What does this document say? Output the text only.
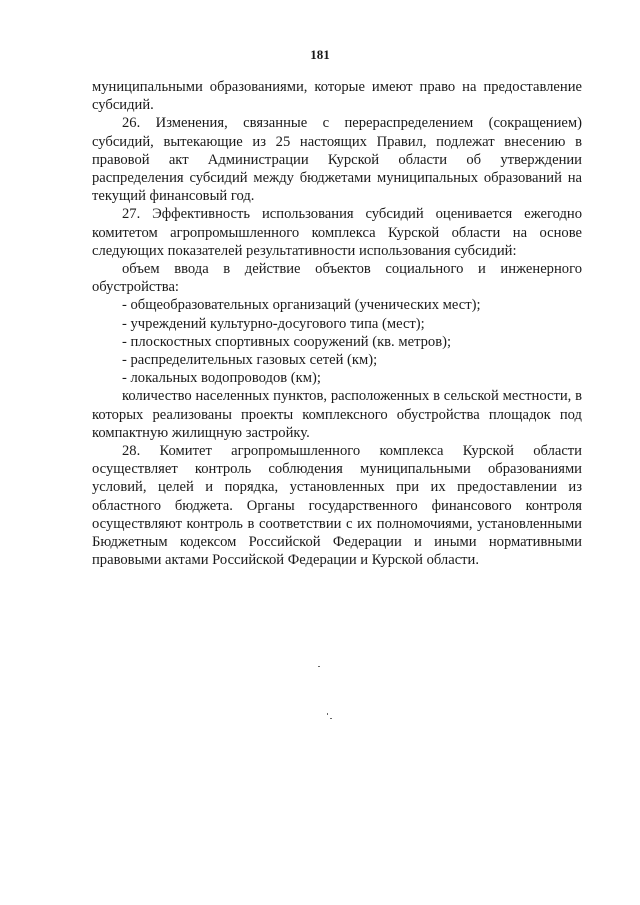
181

муниципальными образованиями, которые имеют право на предоставление субсидий.

26. Изменения, связанные с перераспределением (сокращением) субсидий, вытекающие из 25 настоящих Правил, подлежат внесению в правовой акт Администрации Курской области об утверждении распределения субсидий между бюджетами муниципальных образований на текущий финансовый год.

27. Эффективность использования субсидий оценивается ежегодно комитетом агропромышленного комплекса Курской области на основе следующих показателей результативности использования субсидий:

объем ввода в действие объектов социального и инженерного обустройства:

- общеобразовательных организаций (ученических мест);

- учреждений культурно-досугового типа (мест);

- плоскостных спортивных сооружений (кв. метров);

- распределительных газовых сетей (км);

- локальных водопроводов (км);

количество населенных пунктов, расположенных в сельской местности, в которых реализованы проекты комплексного обустройства площадок под компактную жилищную застройку.

28. Комитет агропромышленного комплекса Курской области осуществляет контроль соблюдения муниципальными образованиями условий, целей и порядка, установленных при их предоставлении из областного бюджета. Органы государственного финансового контроля осуществляют контроль в соответствии с их полномочиями, установленными Бюджетным кодексом Российской Федерации и иными нормативными правовыми актами Российской Федерации и Курской области.
